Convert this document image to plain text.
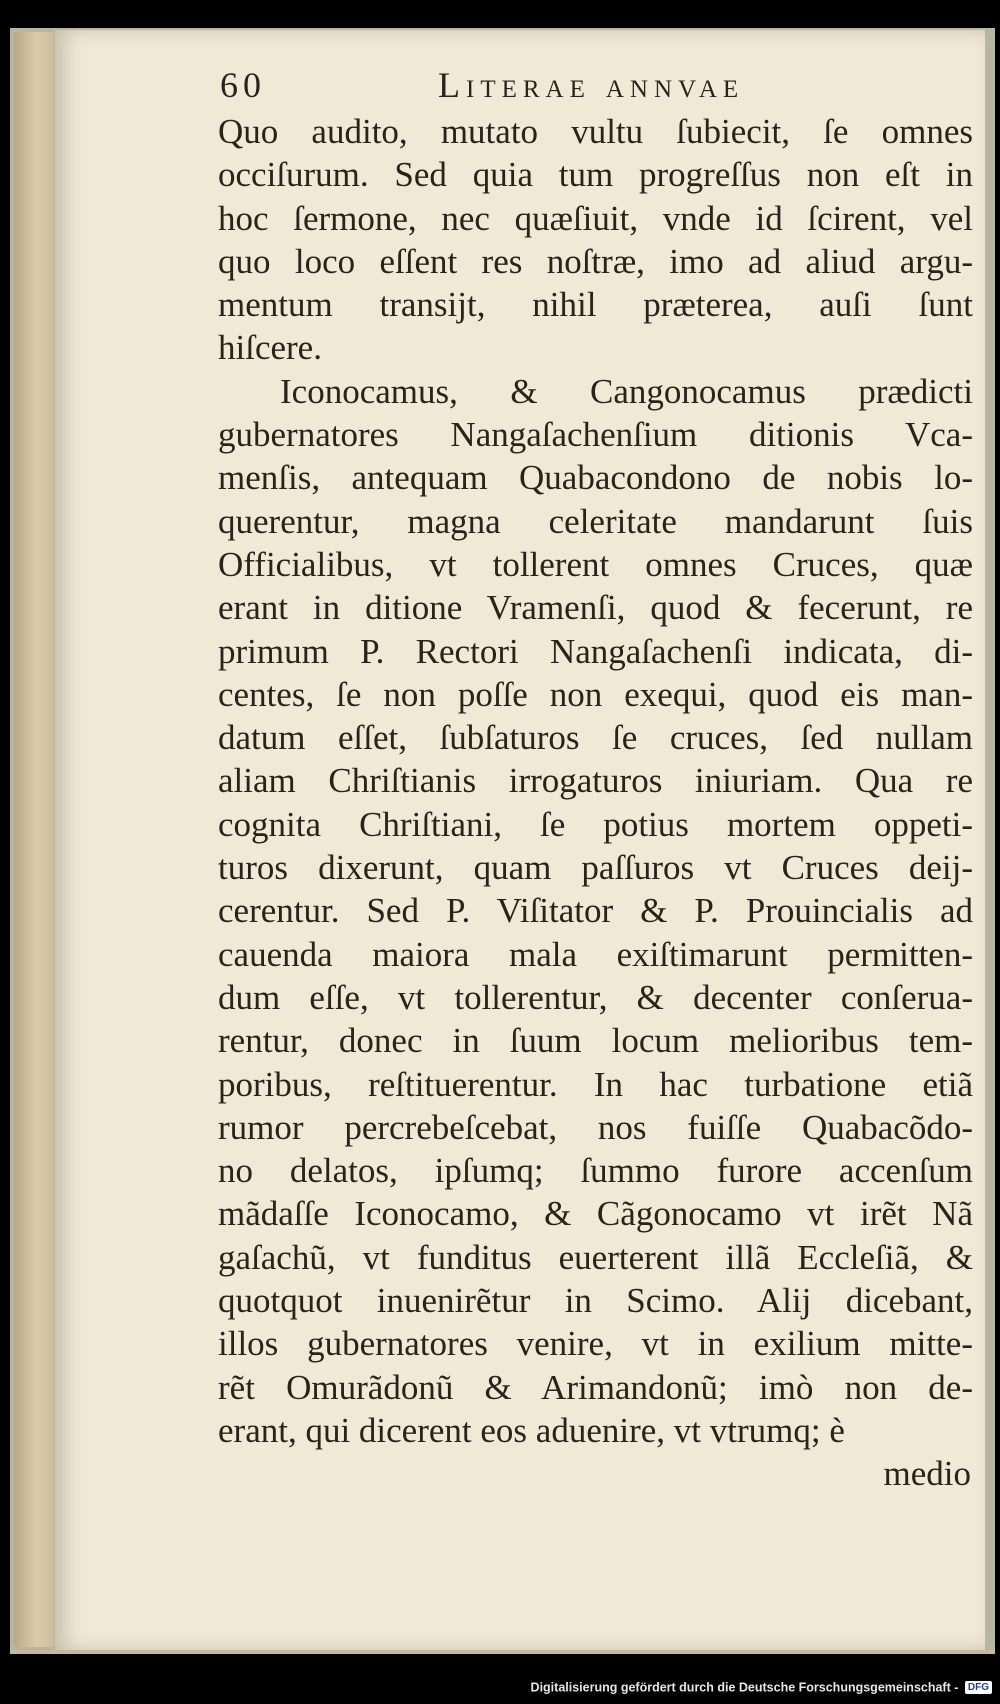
60	Literae annvae
Quo audito, mutato vultu ſubiecit, ſe omnes
occiſurum. Sed quia tum progreſſus non eſt in
hoc ſermone, nec quæſiuit, vnde id ſcirent, vel
quo loco eſſent res noſtræ, imo ad aliud argu-
mentum transijt, nihil præterea, auſi ſunt
hiſcere.
Iconocamus, & Cangonocamus prædicti
gubernatores Nangaſachenſium ditionis Vca-
menſis, antequam Quabacondono de nobis lo-
querentur, magna celeritate mandarunt ſuis
Officialibus, vt tollerent omnes Cruces, quæ
erant in ditione Vramenſi, quod & fecerunt, re
primum P. Rectori Nangaſachenſi indicata, di-
centes, ſe non poſſe non exequi, quod eis man-
datum eſſet, ſubſaturos ſe cruces, ſed nullam
aliam Chriſtianis irrogaturos iniuriam. Qua re
cognita Chriſtiani, ſe potius mortem oppeti-
turos dixerunt, quam paſſuros vt Cruces deij-
cerentur. Sed P. Viſitator & P. Prouincialis ad
cauenda maiora mala exiſtimarunt permitten-
dum eſſe, vt tollerentur, & decenter conſerua-
rentur, donec in ſuum locum melioribus tem-
poribus, reſtituerentur. In hac turbatione etiã
rumor percrebeſcebat, nos fuiſſe Quabacõdo-
no delatos, ipſumq; ſummo furore accenſum
mãdaſſe Iconocamo, & Cãgonocamo vt irẽt Nã
gaſachũ, vt funditus euerterent illã Eccleſiã, &
quotquot inuenirẽtur in Scimo. Alij dicebant,
illos gubernatores venire, vt in exilium mitte-
rẽt Omurãdonũ & Arimandonũ; imò non de-
erant, qui dicerent eos aduenire, vt vtrumq; è
medio
Digitalisierung gefördert durch die Deutsche Forschungsgemeinschaft - DFG
